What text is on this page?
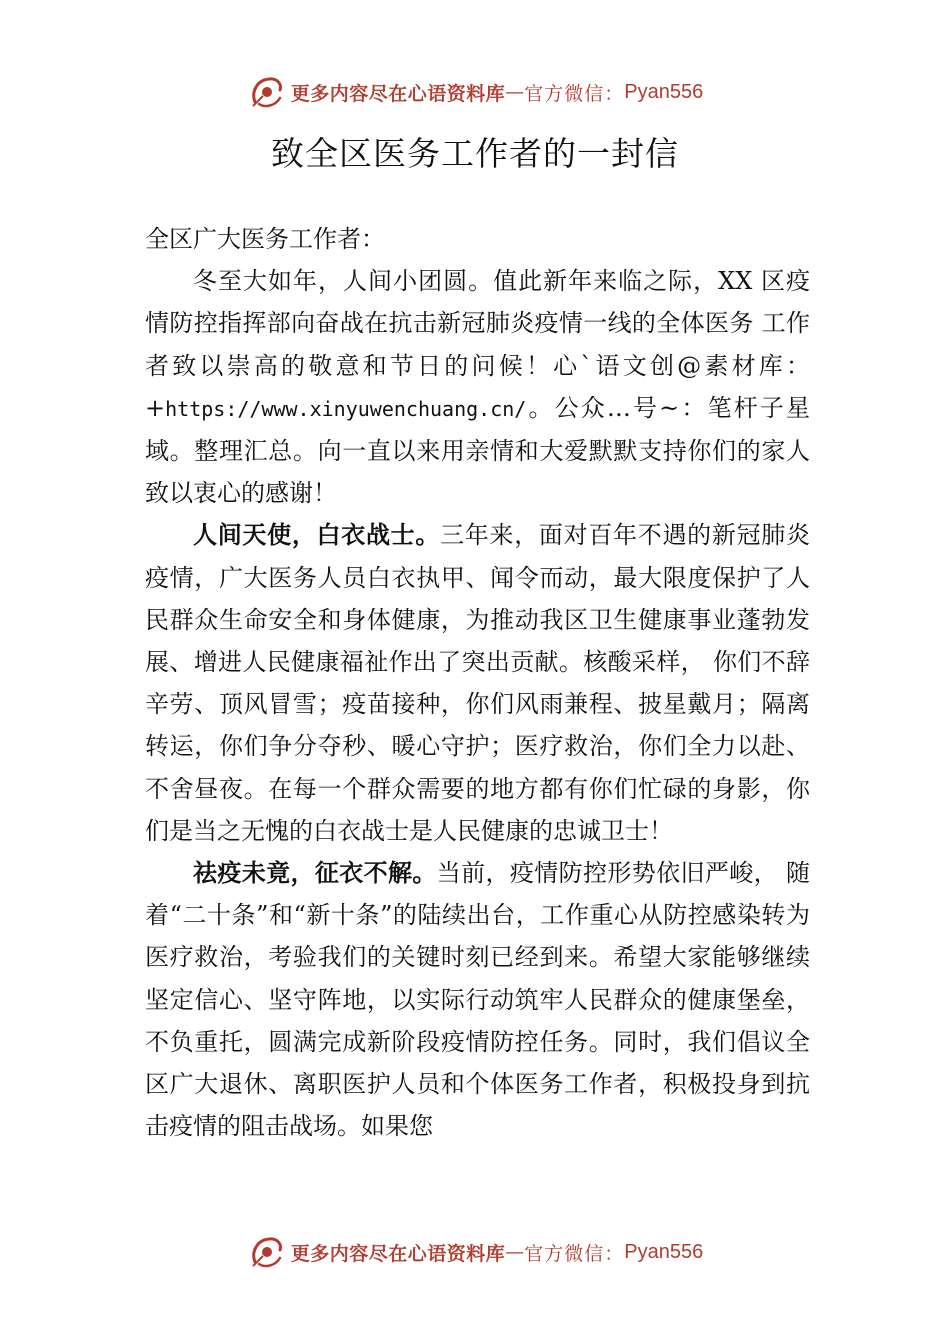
更多内容尽在心语资料库 — 官方微信： Pyan556
致全区医务工作者的一封信

全区广大医务工作者：

冬至大如年，人间小团圆。值此新年来临之际，XX 区疫情防控指挥部向奋战在抗击新冠肺炎疫情一线的全体医务 工作者致以崇高的敬意和节日的问候！心`语文创@素材库：+https://www.xinyuwenchuang.cn/。公众…号~：笔杆子星域。整理汇总。向一直以来用亲情和大爱默默支持你们的家人致以衷心的感谢！

人间天使，白衣战士。三年来，面对百年不遇的新冠肺炎疫情，广大医务人员白衣执甲、闻令而动，最大限度保护了人民群众生命安全和身体健康，为推动我区卫生健康事业蓬勃发展、增进人民健康福祉作出了突出贡献。核酸采样， 你们不辞辛劳、顶风冒雪；疫苗接种，你们风雨兼程、披星戴月；隔离转运，你们争分夺秒、暖心守护；医疗救治，你们全力以赴、不舍昼夜。在每一个群众需要的地方都有你们忙碌的身影，你们是当之无愧的白衣战士是人民健康的忠诚卫士！

祛疫未竟，征衣不解。当前，疫情防控形势依旧严峻， 随着“二十条”和“新十条”的陆续出台，工作重心从防控感染转为医疗救治，考验我们的关键时刻已经到来。希望大家能够继续坚定信心、坚守阵地，以实际行动筑牢人民群众的健康堡垒，不负重托，圆满完成新阶段疫情防控任务。同时，我们倡议全区广大退休、离职医护人员和个体医务工作者，积极投身到抗击疫情的阻击战场。如果您

更多内容尽在心语资料库 — 官方微信： Pyan556
